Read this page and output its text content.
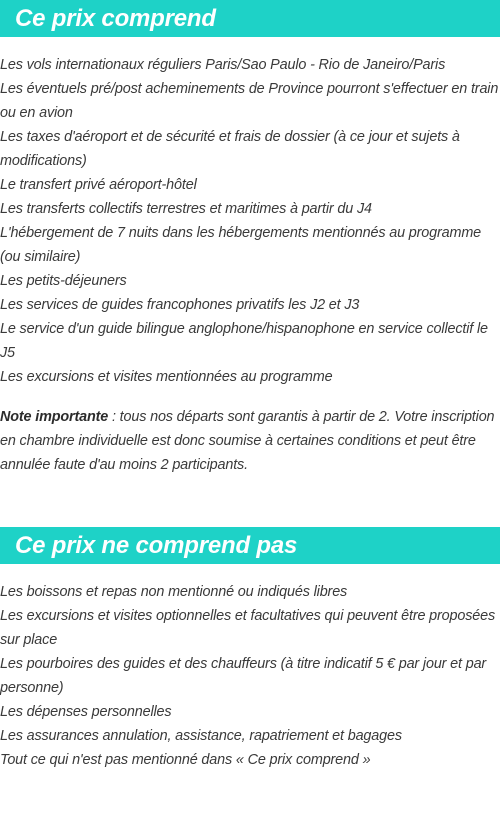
Ce prix comprend
Les vols internationaux réguliers Paris/Sao Paulo - Rio de Janeiro/Paris
Les éventuels pré/post acheminements de Province pourront s'effectuer en train ou en avion
Les taxes d'aéroport et de sécurité et frais de dossier (à ce jour et sujets à modifications)
Le transfert privé aéroport-hôtel
Les transferts collectifs terrestres et maritimes à partir du J4
L'hébergement de 7 nuits dans les hébergements mentionnés au programme (ou similaire)
Les petits-déjeuners
Les services de guides francophones privatifs les J2 et J3
Le service d'un guide bilingue anglophone/hispanophone en service collectif le J5
Les excursions et visites mentionnées au programme

Note importante : tous nos départs sont garantis à partir de 2. Votre inscription en chambre individuelle est donc soumise à certaines conditions et peut être annulée faute d'au moins 2 participants.

Ce prix ne comprend pas
Les boissons et repas non mentionné ou indiqués libres
Les excursions et visites optionnelles et facultatives qui peuvent être proposées sur place
Les pourboires des guides et des chauffeurs (à titre indicatif 5 € par jour et par personne)
Les dépenses personnelles
Les assurances annulation, assistance, rapatriement et bagages
Tout ce qui n'est pas mentionné dans « Ce prix comprend »
